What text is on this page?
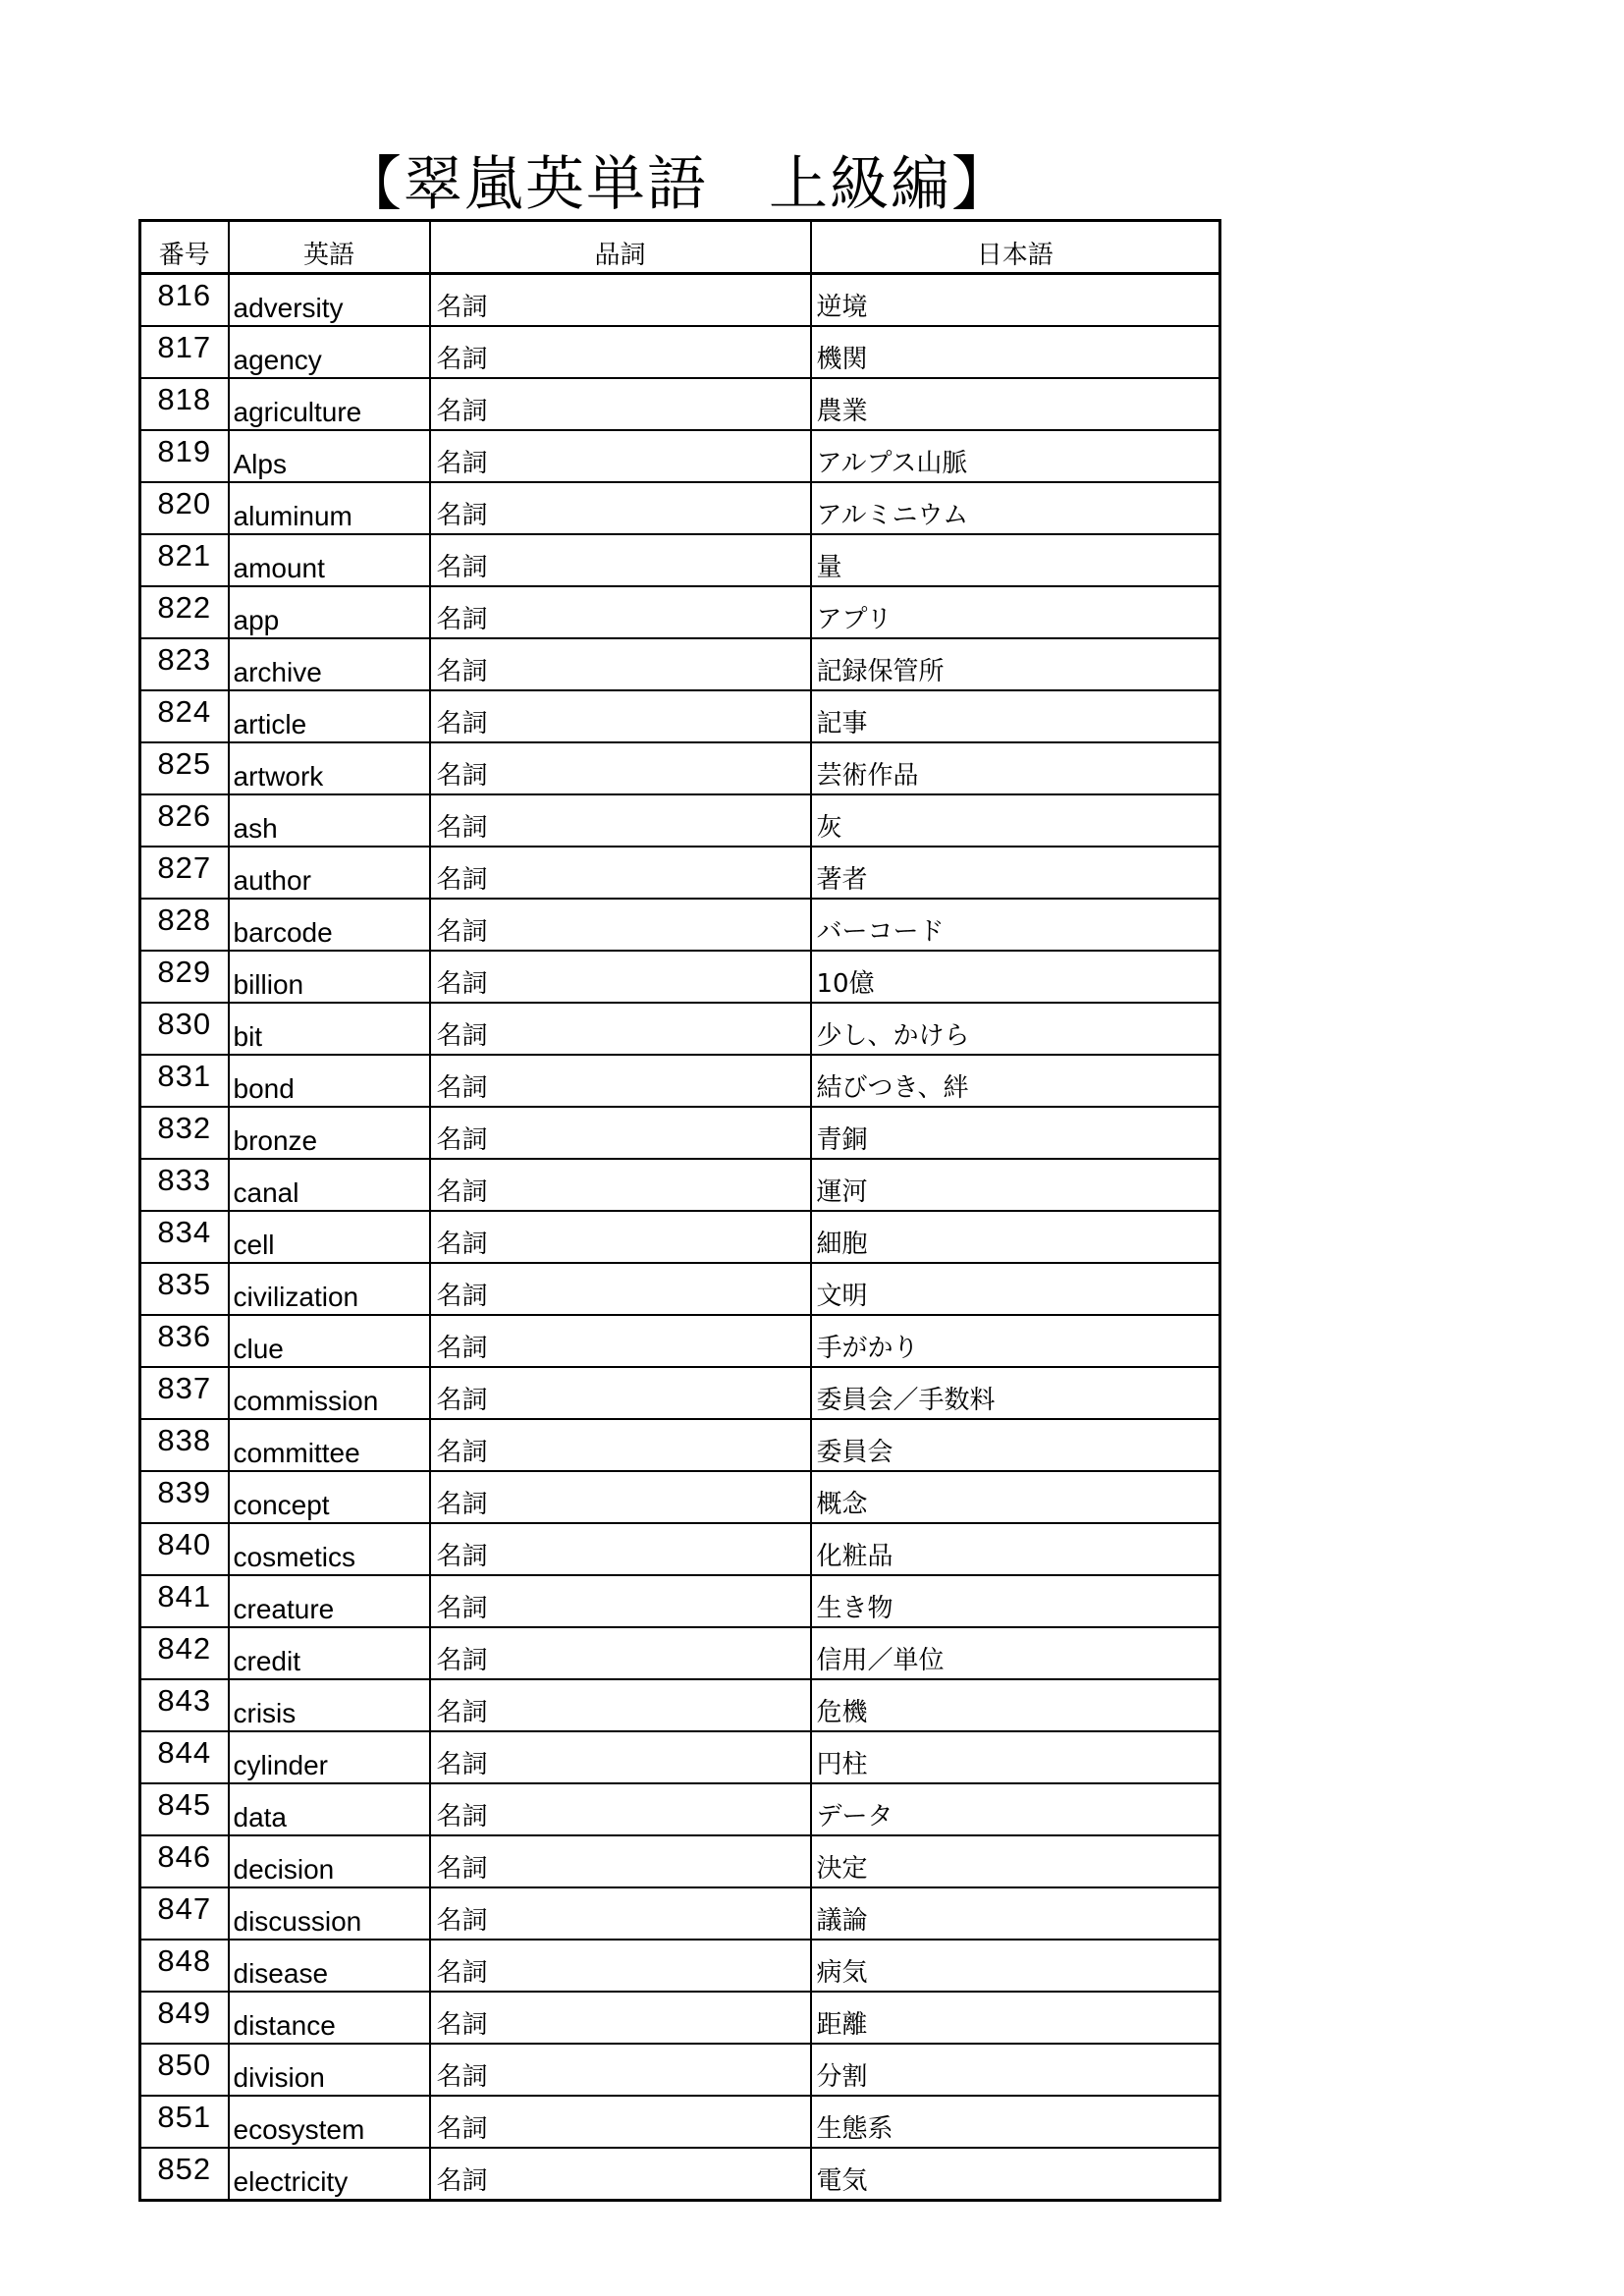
【翠嵐英単語　上級編】
番号	英語	品詞	日本語
816	adversity	名詞	逆境
817	agency	名詞	機関
818	agriculture	名詞	農業
819	Alps	名詞	アルプス山脈
820	aluminum	名詞	アルミニウム
821	amount	名詞	量
822	app	名詞	アプリ
823	archive	名詞	記録保管所
824	article	名詞	記事
825	artwork	名詞	芸術作品
826	ash	名詞	灰
827	author	名詞	著者
828	barcode	名詞	バーコード
829	billion	名詞	10億
830	bit	名詞	少し、かけら
831	bond	名詞	結びつき、絆
832	bronze	名詞	青銅
833	canal	名詞	運河
834	cell	名詞	細胞
835	civilization	名詞	文明
836	clue	名詞	手がかり
837	commission	名詞	委員会／手数料
838	committee	名詞	委員会
839	concept	名詞	概念
840	cosmetics	名詞	化粧品
841	creature	名詞	生き物
842	credit	名詞	信用／単位
843	crisis	名詞	危機
844	cylinder	名詞	円柱
845	data	名詞	データ
846	decision	名詞	決定
847	discussion	名詞	議論
848	disease	名詞	病気
849	distance	名詞	距離
850	division	名詞	分割
851	ecosystem	名詞	生態系
852	electricity	名詞	電気
